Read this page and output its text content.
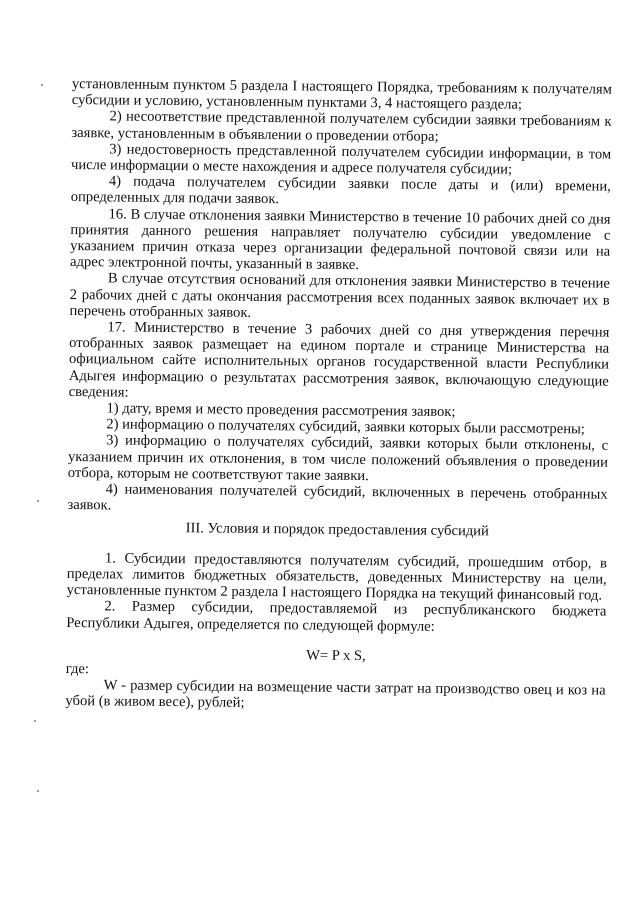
установленным пунктом 5 раздела I настоящего Порядка, требованиям к получателям субсидии и условию, установленным пунктами 3, 4 настоящего раздела;

2) несоответствие представленной получателем субсидии заявки требованиям к заявке, установленным в объявлении о проведении отбора;

3) недостоверность представленной получателем субсидии информации, в том числе информации о месте нахождения и адресе получателя субсидии;

4) подача получателем субсидии заявки после даты и (или) времени, определенных для подачи заявок.

16. В случае отклонения заявки Министерство в течение 10 рабочих дней со дня принятия данного решения направляет получателю субсидии уведомление с указанием причин отказа через организации федеральной почтовой связи или на адрес электронной почты, указанный в заявке.

В случае отсутствия оснований для отклонения заявки Министерство в течение 2 рабочих дней с даты окончания рассмотрения всех поданных заявок включает их в перечень отобранных заявок.

17. Министерство в течение 3 рабочих дней со дня утверждения перечня отобранных заявок размещает на едином портале и странице Министерства на официальном сайте исполнительных органов государственной власти Республики Адыгея информацию о результатах рассмотрения заявок, включающую следующие сведения:

1) дату, время и место проведения рассмотрения заявок;

2) информацию о получателях субсидий, заявки которых были рассмотрены;

3) информацию о получателях субсидий, заявки которых были отклонены, с указанием причин их отклонения, в том числе положений объявления о проведении отбора, которым не соответствуют такие заявки.

4) наименования получателей субсидий, включенных в перечень отобранных заявок.

III. Условия и порядок предоставления субсидий

1. Субсидии предоставляются получателям субсидий, прошедшим отбор, в пределах лимитов бюджетных обязательств, доведенных Министерству на цели, установленные пунктом 2 раздела I настоящего Порядка на текущий финансовый год.

2. Размер субсидии, предоставляемой из республиканского бюджета Республики Адыгея, определяется по следующей формуле:

W= P x S,

где:

W - размер субсидии на возмещение части затрат на производство овец и коз на убой (в живом весе), рублей;
